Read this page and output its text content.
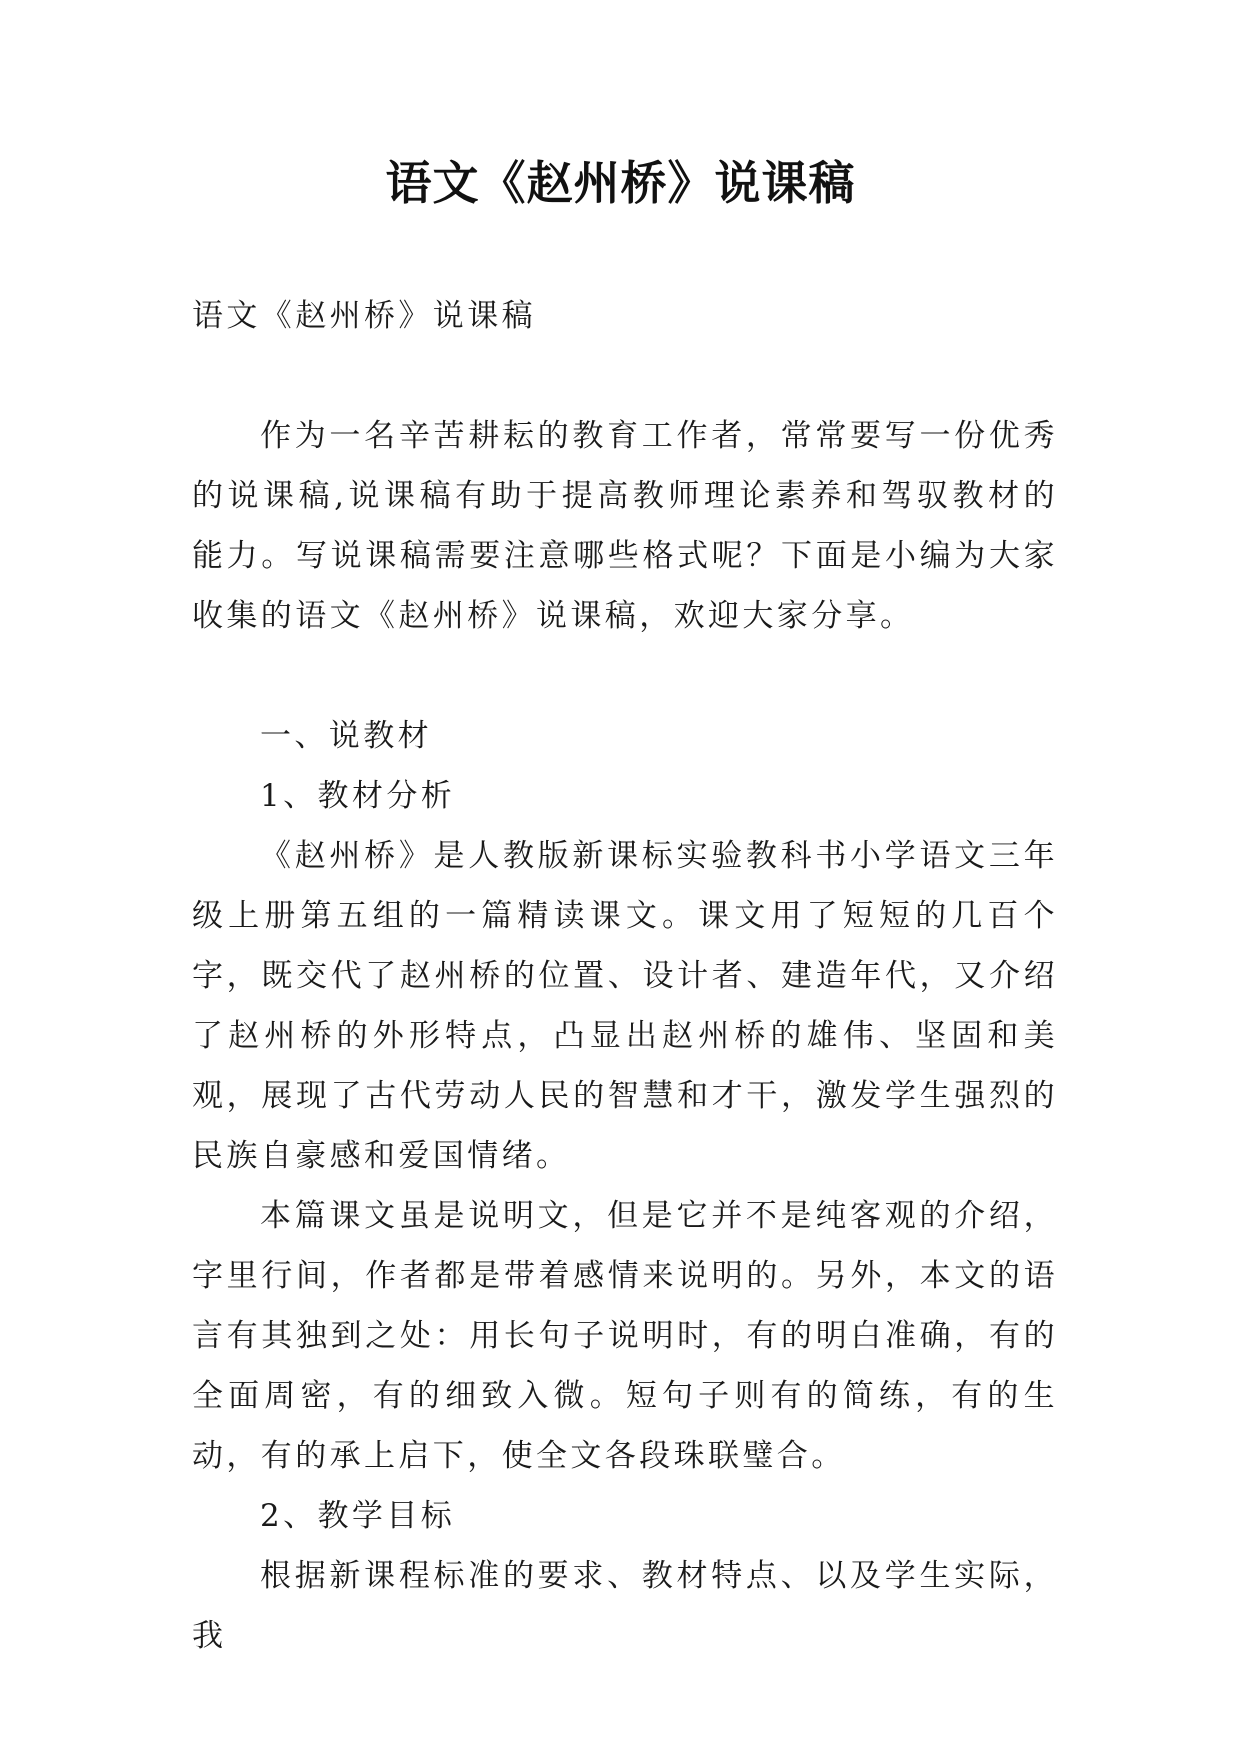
语文《赵州桥》说课稿

语文《赵州桥》说课稿

作为一名辛苦耕耘的教育工作者，常常要写一份优秀的说课稿,说课稿有助于提高教师理论素养和驾驭教材的能力。写说课稿需要注意哪些格式呢？下面是小编为大家收集的语文《赵州桥》说课稿，欢迎大家分享。

一、说教材

1、教材分析

《赵州桥》是人教版新课标实验教科书小学语文三年级上册第五组的一篇精读课文。课文用了短短的几百个字，既交代了赵州桥的位置、设计者、建造年代，又介绍了赵州桥的外形特点，凸显出赵州桥的雄伟、坚固和美观，展现了古代劳动人民的智慧和才干，激发学生强烈的民族自豪感和爱国情绪。

本篇课文虽是说明文，但是它并不是纯客观的介绍，字里行间，作者都是带着感情来说明的。另外，本文的语言有其独到之处：用长句子说明时，有的明白准确，有的全面周密，有的细致入微。短句子则有的简练，有的生动，有的承上启下，使全文各段珠联璧合。

2、教学目标

根据新课程标准的要求、教材特点、以及学生实际，我
